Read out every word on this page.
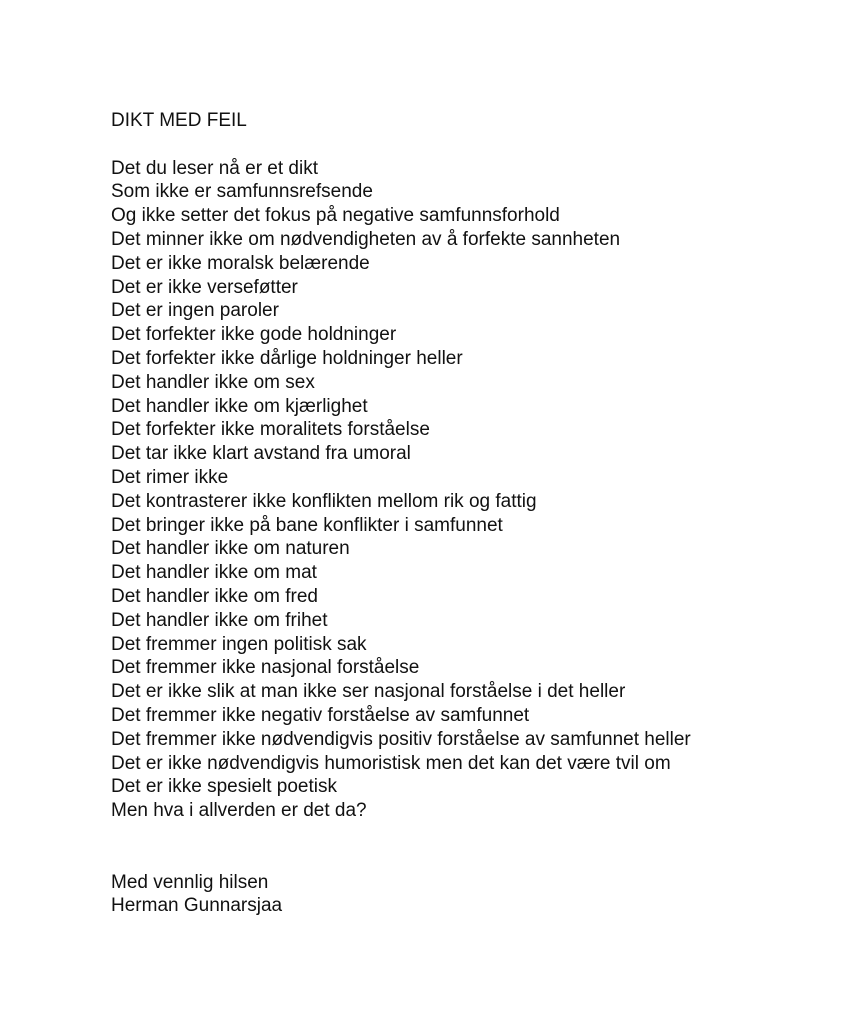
DIKT MED FEIL
Det du leser nå er et dikt
Som ikke er samfunnsrefsende
Og ikke setter det fokus på negative samfunnsforhold
Det minner ikke om nødvendigheten av å forfekte sannheten
Det er ikke moralsk belærende
Det er ikke verseføtter
Det er ingen paroler
Det forfekter ikke gode holdninger
Det forfekter ikke dårlige holdninger heller
Det handler ikke om sex
Det handler ikke om kjærlighet
Det forfekter ikke moralitets forståelse
Det tar ikke klart avstand fra umoral
Det rimer ikke
Det kontrasterer ikke konflikten mellom rik og fattig
Det bringer ikke på bane konflikter i samfunnet
Det handler ikke om naturen
Det handler ikke om mat
Det handler ikke om fred
Det handler ikke om frihet
Det fremmer ingen politisk sak
Det fremmer ikke nasjonal forståelse
Det er ikke slik at man ikke ser nasjonal forståelse i det heller
Det fremmer ikke negativ forståelse av samfunnet
Det fremmer ikke nødvendigvis positiv forståelse av samfunnet heller
Det er ikke nødvendigvis humoristisk men det kan det være tvil om
Det er ikke spesielt poetisk
Men hva i allverden er det da?
Med vennlig hilsen
Herman Gunnarsjaa
